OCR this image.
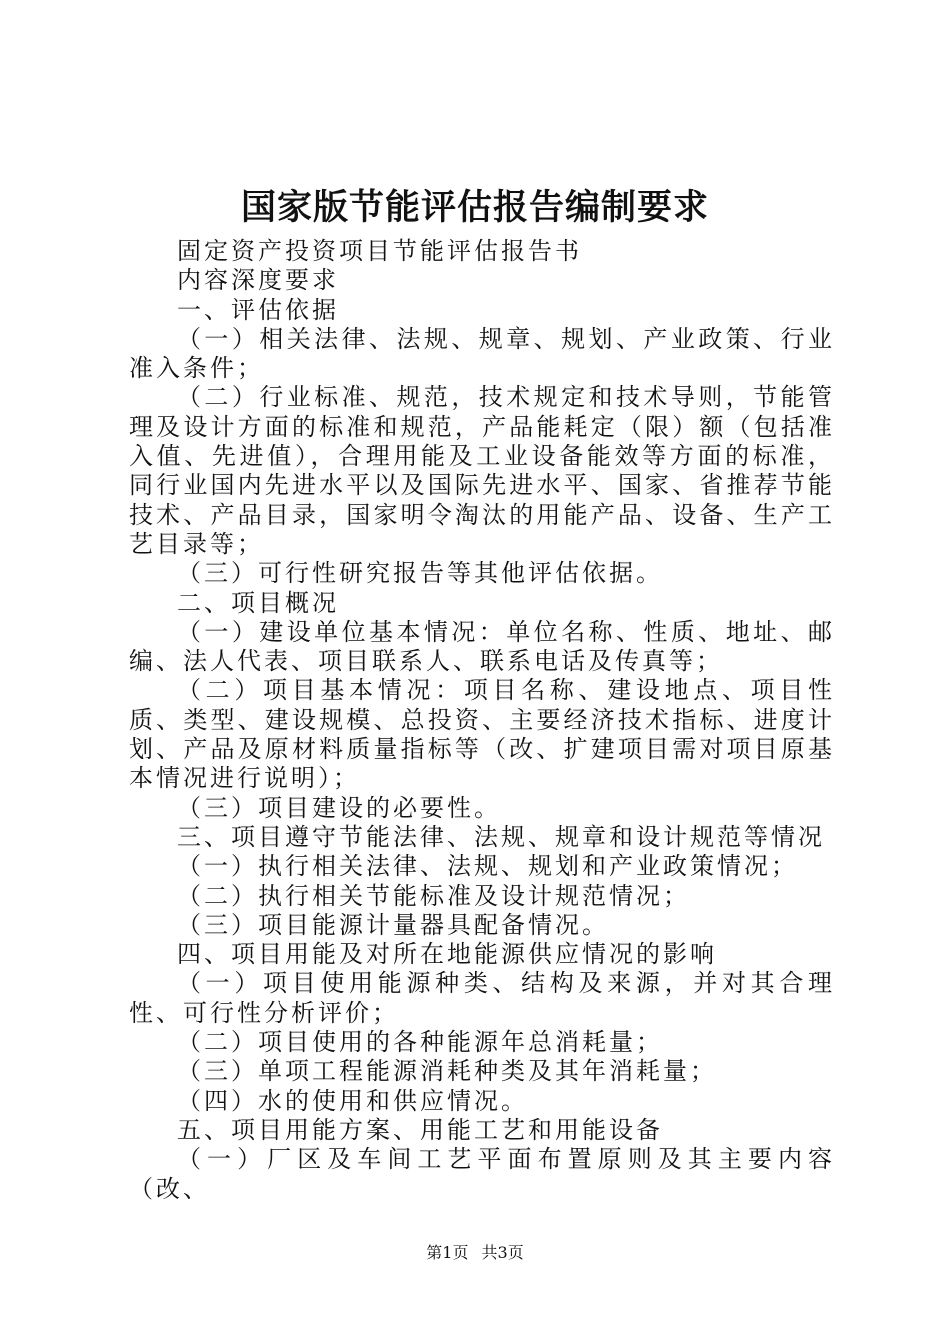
国家版节能评估报告编制要求

固定资产投资项目节能评估报告书

内容深度要求

一、评估依据

（一）相关法律、法规、规章、规划、产业政策、行业准入条件；

（二）行业标准、规范，技术规定和技术导则，节能管理及设计方面的标准和规范，产品能耗定（限）额（包括准入值、先进值），合理用能及工业设备能效等方面的标准，同行业国内先进水平以及国际先进水平、国家、省推荐节能技术、产品目录，国家明令淘汰的用能产品、设备、生产工艺目录等；

（三）可行性研究报告等其他评估依据。

二、项目概况

（一）建设单位基本情况：单位名称、性质、地址、邮编、法人代表、项目联系人、联系电话及传真等；

（二）项目基本情况：项目名称、建设地点、项目性质、类型、建设规模、总投资、主要经济技术指标、进度计划、产品及原材料质量指标等（改、扩建项目需对项目原基本情况进行说明）；

（三）项目建设的必要性。

三、项目遵守节能法律、法规、规章和设计规范等情况

（一）执行相关法律、法规、规划和产业政策情况；

（二）执行相关节能标准及设计规范情况；

（三）项目能源计量器具配备情况。

四、项目用能及对所在地能源供应情况的影响

（一）项目使用能源种类、结构及来源，并对其合理性、可行性分析评价；

（二）项目使用的各种能源年总消耗量；

（三）单项工程能源消耗种类及其年消耗量；

（四）水的使用和供应情况。

五、项目用能方案、用能工艺和用能设备

（一）厂区及车间工艺平面布置原则及其主要内容（改、

第1页 共3页
